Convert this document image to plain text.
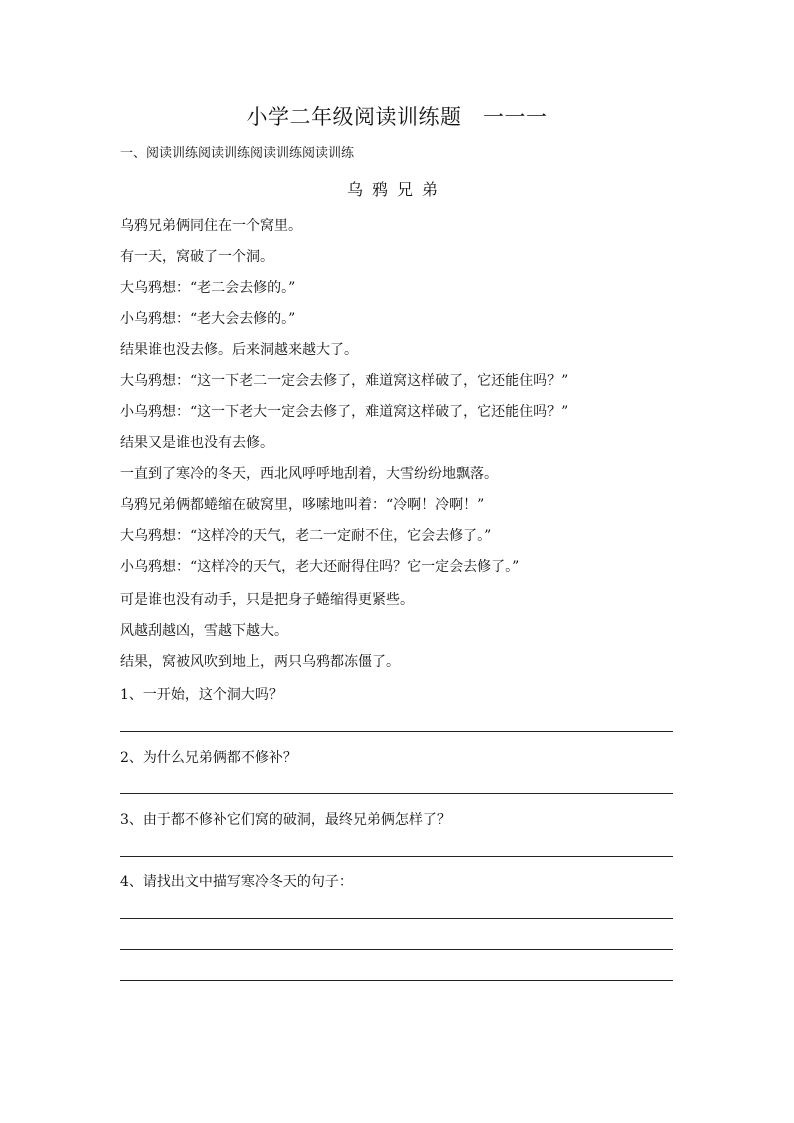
小学二年级阅读训练题　一一一
一、阅读训练阅读训练阅读训练阅读训练
乌鸦兄弟
乌鸦兄弟俩同住在一个窝里。
有一天，窝破了一个洞。
大乌鸦想：“老二会去修的。”
小乌鸦想：“老大会去修的。”
结果谁也没去修。后来洞越来越大了。
大乌鸦想：“这一下老二一定会去修了，难道窝这样破了，它还能住吗？”
小乌鸦想：“这一下老大一定会去修了，难道窝这样破了，它还能住吗？”
结果又是谁也没有去修。
一直到了寒冷的冬天，西北风呼呼地刮着，大雪纷纷地飘落。
乌鸦兄弟俩都蜷缩在破窝里，哆嗦地叫着：“冷啊！冷啊！”
大乌鸦想：“这样冷的天气，老二一定耐不住，它会去修了。”
小乌鸦想：“这样冷的天气，老大还耐得住吗？它一定会去修了。”
可是谁也没有动手，只是把身子蜷缩得更紧些。
风越刮越凶，雪越下越大。
结果，窝被风吹到地上，两只乌鸦都冻僵了。
1、一开始，这个洞大吗？
2、为什么兄弟俩都不修补？
3、由于都不修补它们窝的破洞，最终兄弟俩怎样了？
4、请找出文中描写寒冷冬天的句子：
